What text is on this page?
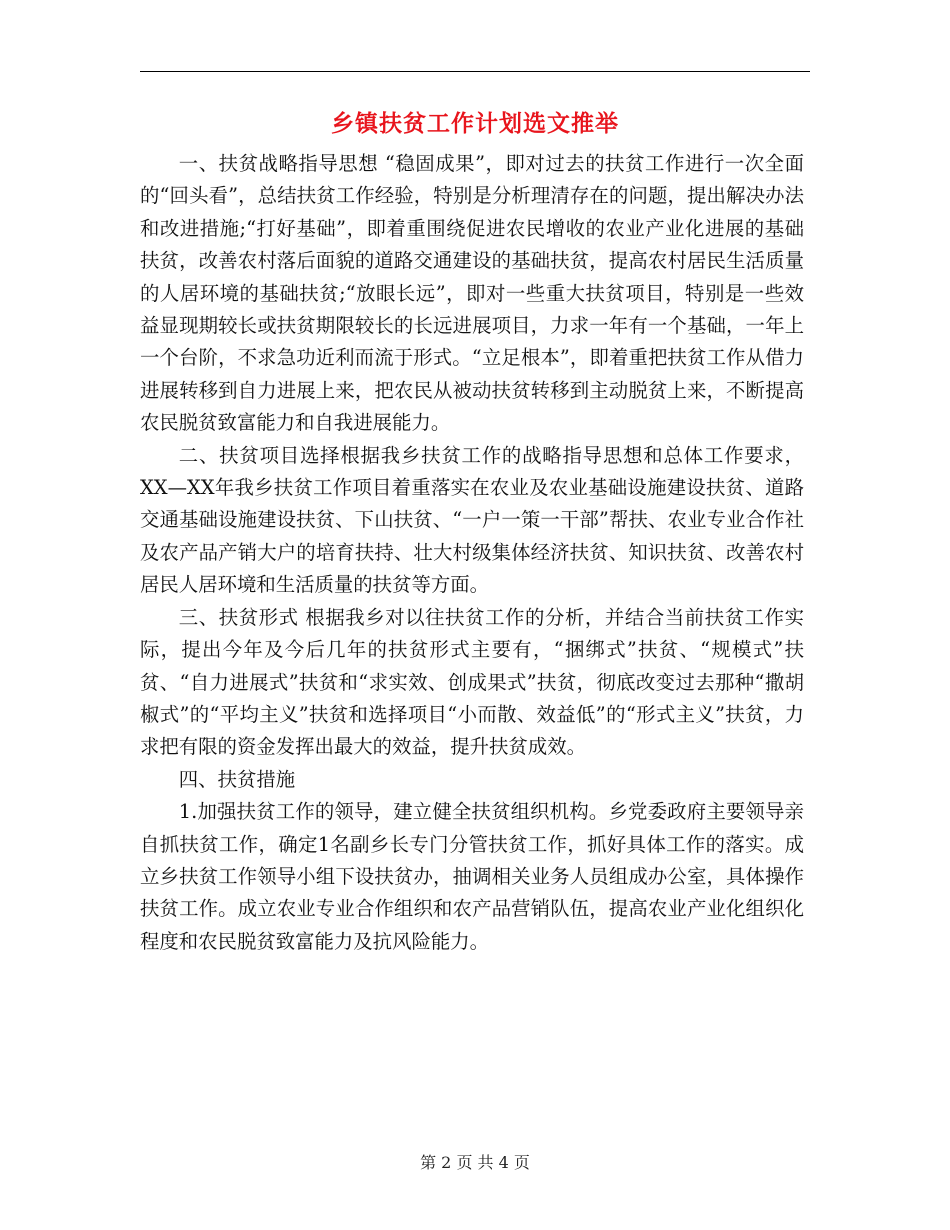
乡镇扶贫工作计划选文推举

一、扶贫战略指导思想 “稳固成果”，即对过去的扶贫工作进行一次全面的“回头看”，总结扶贫工作经验，特别是分析理清存在的问题，提出解决办法和改进措施;“打好基础”，即着重围绕促进农民增收的农业产业化进展的基础扶贫，改善农村落后面貌的道路交通建设的基础扶贫，提高农村居民生活质量的人居环境的基础扶贫;“放眼长远”，即对一些重大扶贫项目，特别是一些效益显现期较长或扶贫期限较长的长远进展项目，力求一年有一个基础，一年上一个台阶，不求急功近利而流于形式。“立足根本”，即着重把扶贫工作从借力进展转移到自力进展上来，把农民从被动扶贫转移到主动脱贫上来，不断提高农民脱贫致富能力和自我进展能力。

二、扶贫项目选择根据我乡扶贫工作的战略指导思想和总体工作要求，XX—XX年我乡扶贫工作项目着重落实在农业及农业基础设施建设扶贫、道路交通基础设施建设扶贫、下山扶贫、“一户一策一干部”帮扶、农业专业合作社及农产品产销大户的培育扶持、壮大村级集体经济扶贫、知识扶贫、改善农村居民人居环境和生活质量的扶贫等方面。

三、扶贫形式 根据我乡对以往扶贫工作的分析，并结合当前扶贫工作实际，提出今年及今后几年的扶贫形式主要有，“捆绑式”扶贫、“规模式”扶贫、“自力进展式”扶贫和“求实效、创成果式”扶贫，彻底改变过去那种“撒胡椒式”的“平均主义”扶贫和选择项目“小而散、效益低”的“形式主义”扶贫，力求把有限的资金发挥出最大的效益，提升扶贫成效。

四、扶贫措施

1.加强扶贫工作的领导，建立健全扶贫组织机构。乡党委政府主要领导亲自抓扶贫工作，确定1名副乡长专门分管扶贫工作，抓好具体工作的落实。成立乡扶贫工作领导小组下设扶贫办，抽调相关业务人员组成办公室，具体操作扶贫工作。成立农业专业合作组织和农产品营销队伍，提高农业产业化组织化程度和农民脱贫致富能力及抗风险能力。

第 2 页 共 4 页
